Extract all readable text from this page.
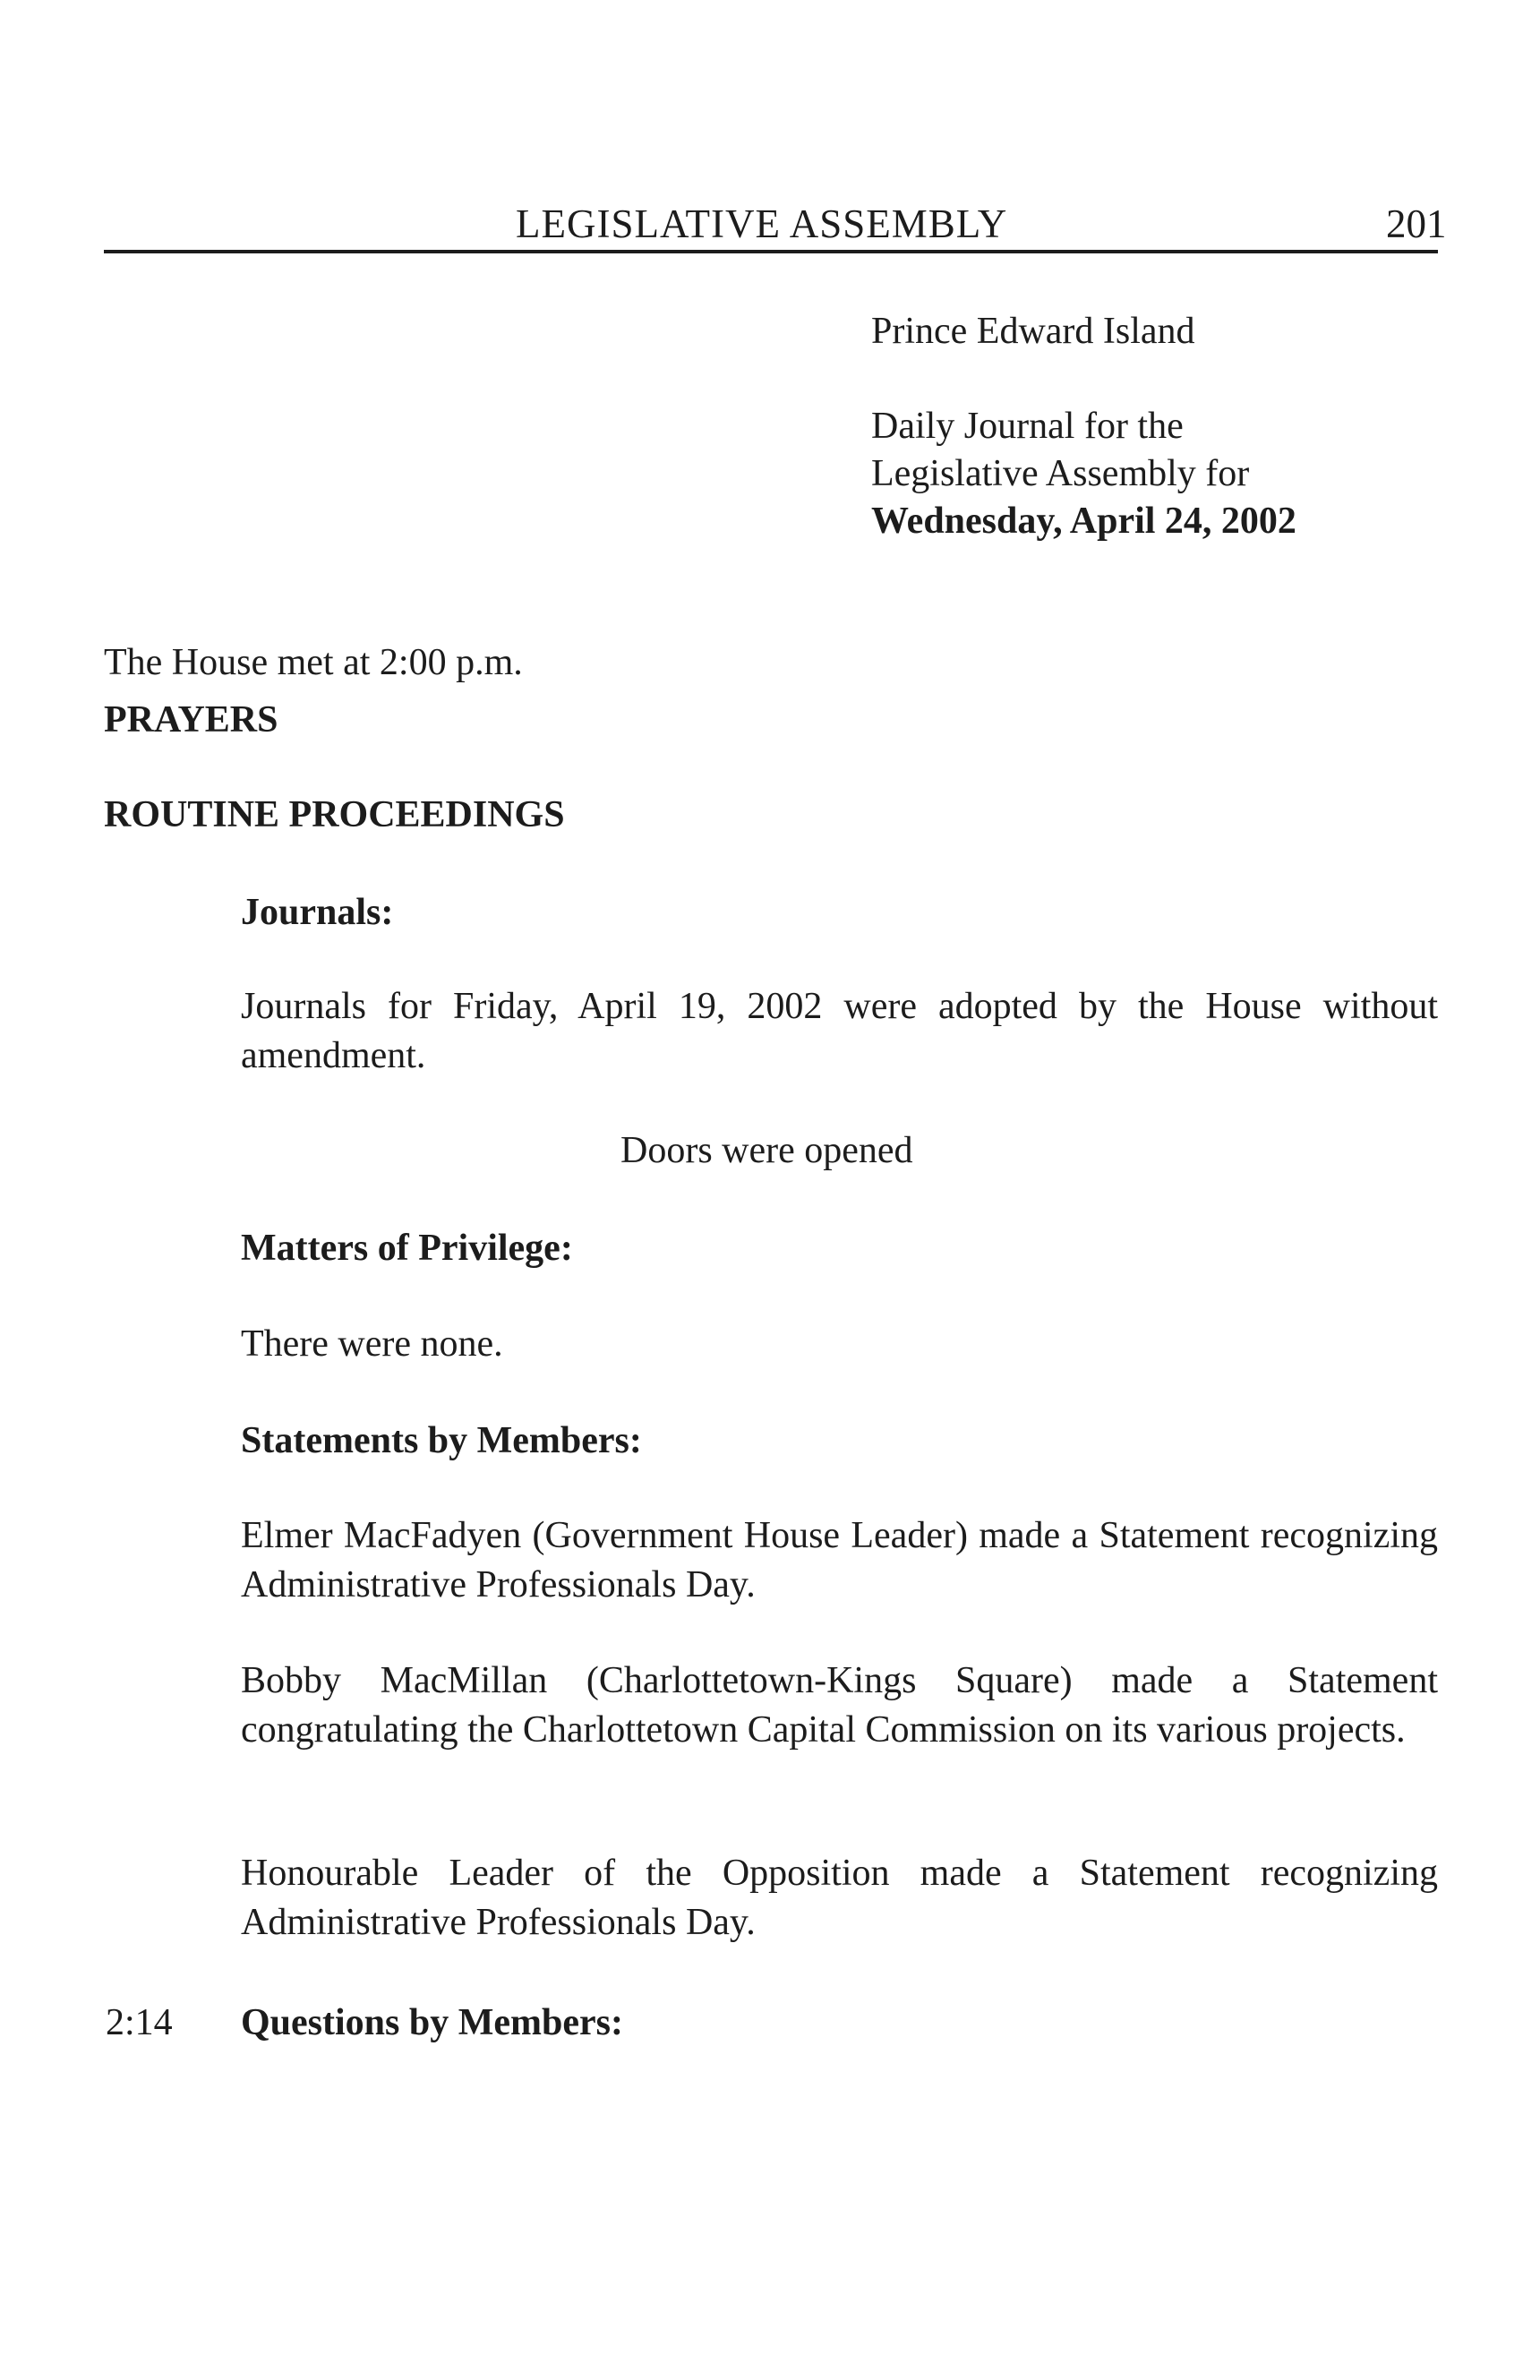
LEGISLATIVE ASSEMBLY	201
Prince Edward Island
Daily Journal for the
Legislative Assembly for
Wednesday, April 24, 2002
The House met at 2:00 p.m.
PRAYERS
ROUTINE PROCEEDINGS
Journals:
Journals for Friday, April 19, 2002 were adopted by the House without amendment.
Doors were opened
Matters of Privilege:
There were none.
Statements by Members:
Elmer MacFadyen (Government House Leader) made a Statement recognizing Administrative Professionals Day.
Bobby MacMillan (Charlottetown-Kings Square) made a Statement congratulating the Charlottetown Capital Commission on its various projects.
Honourable Leader of the Opposition made a Statement recognizing Administrative Professionals Day.
2:14 Questions by Members:
